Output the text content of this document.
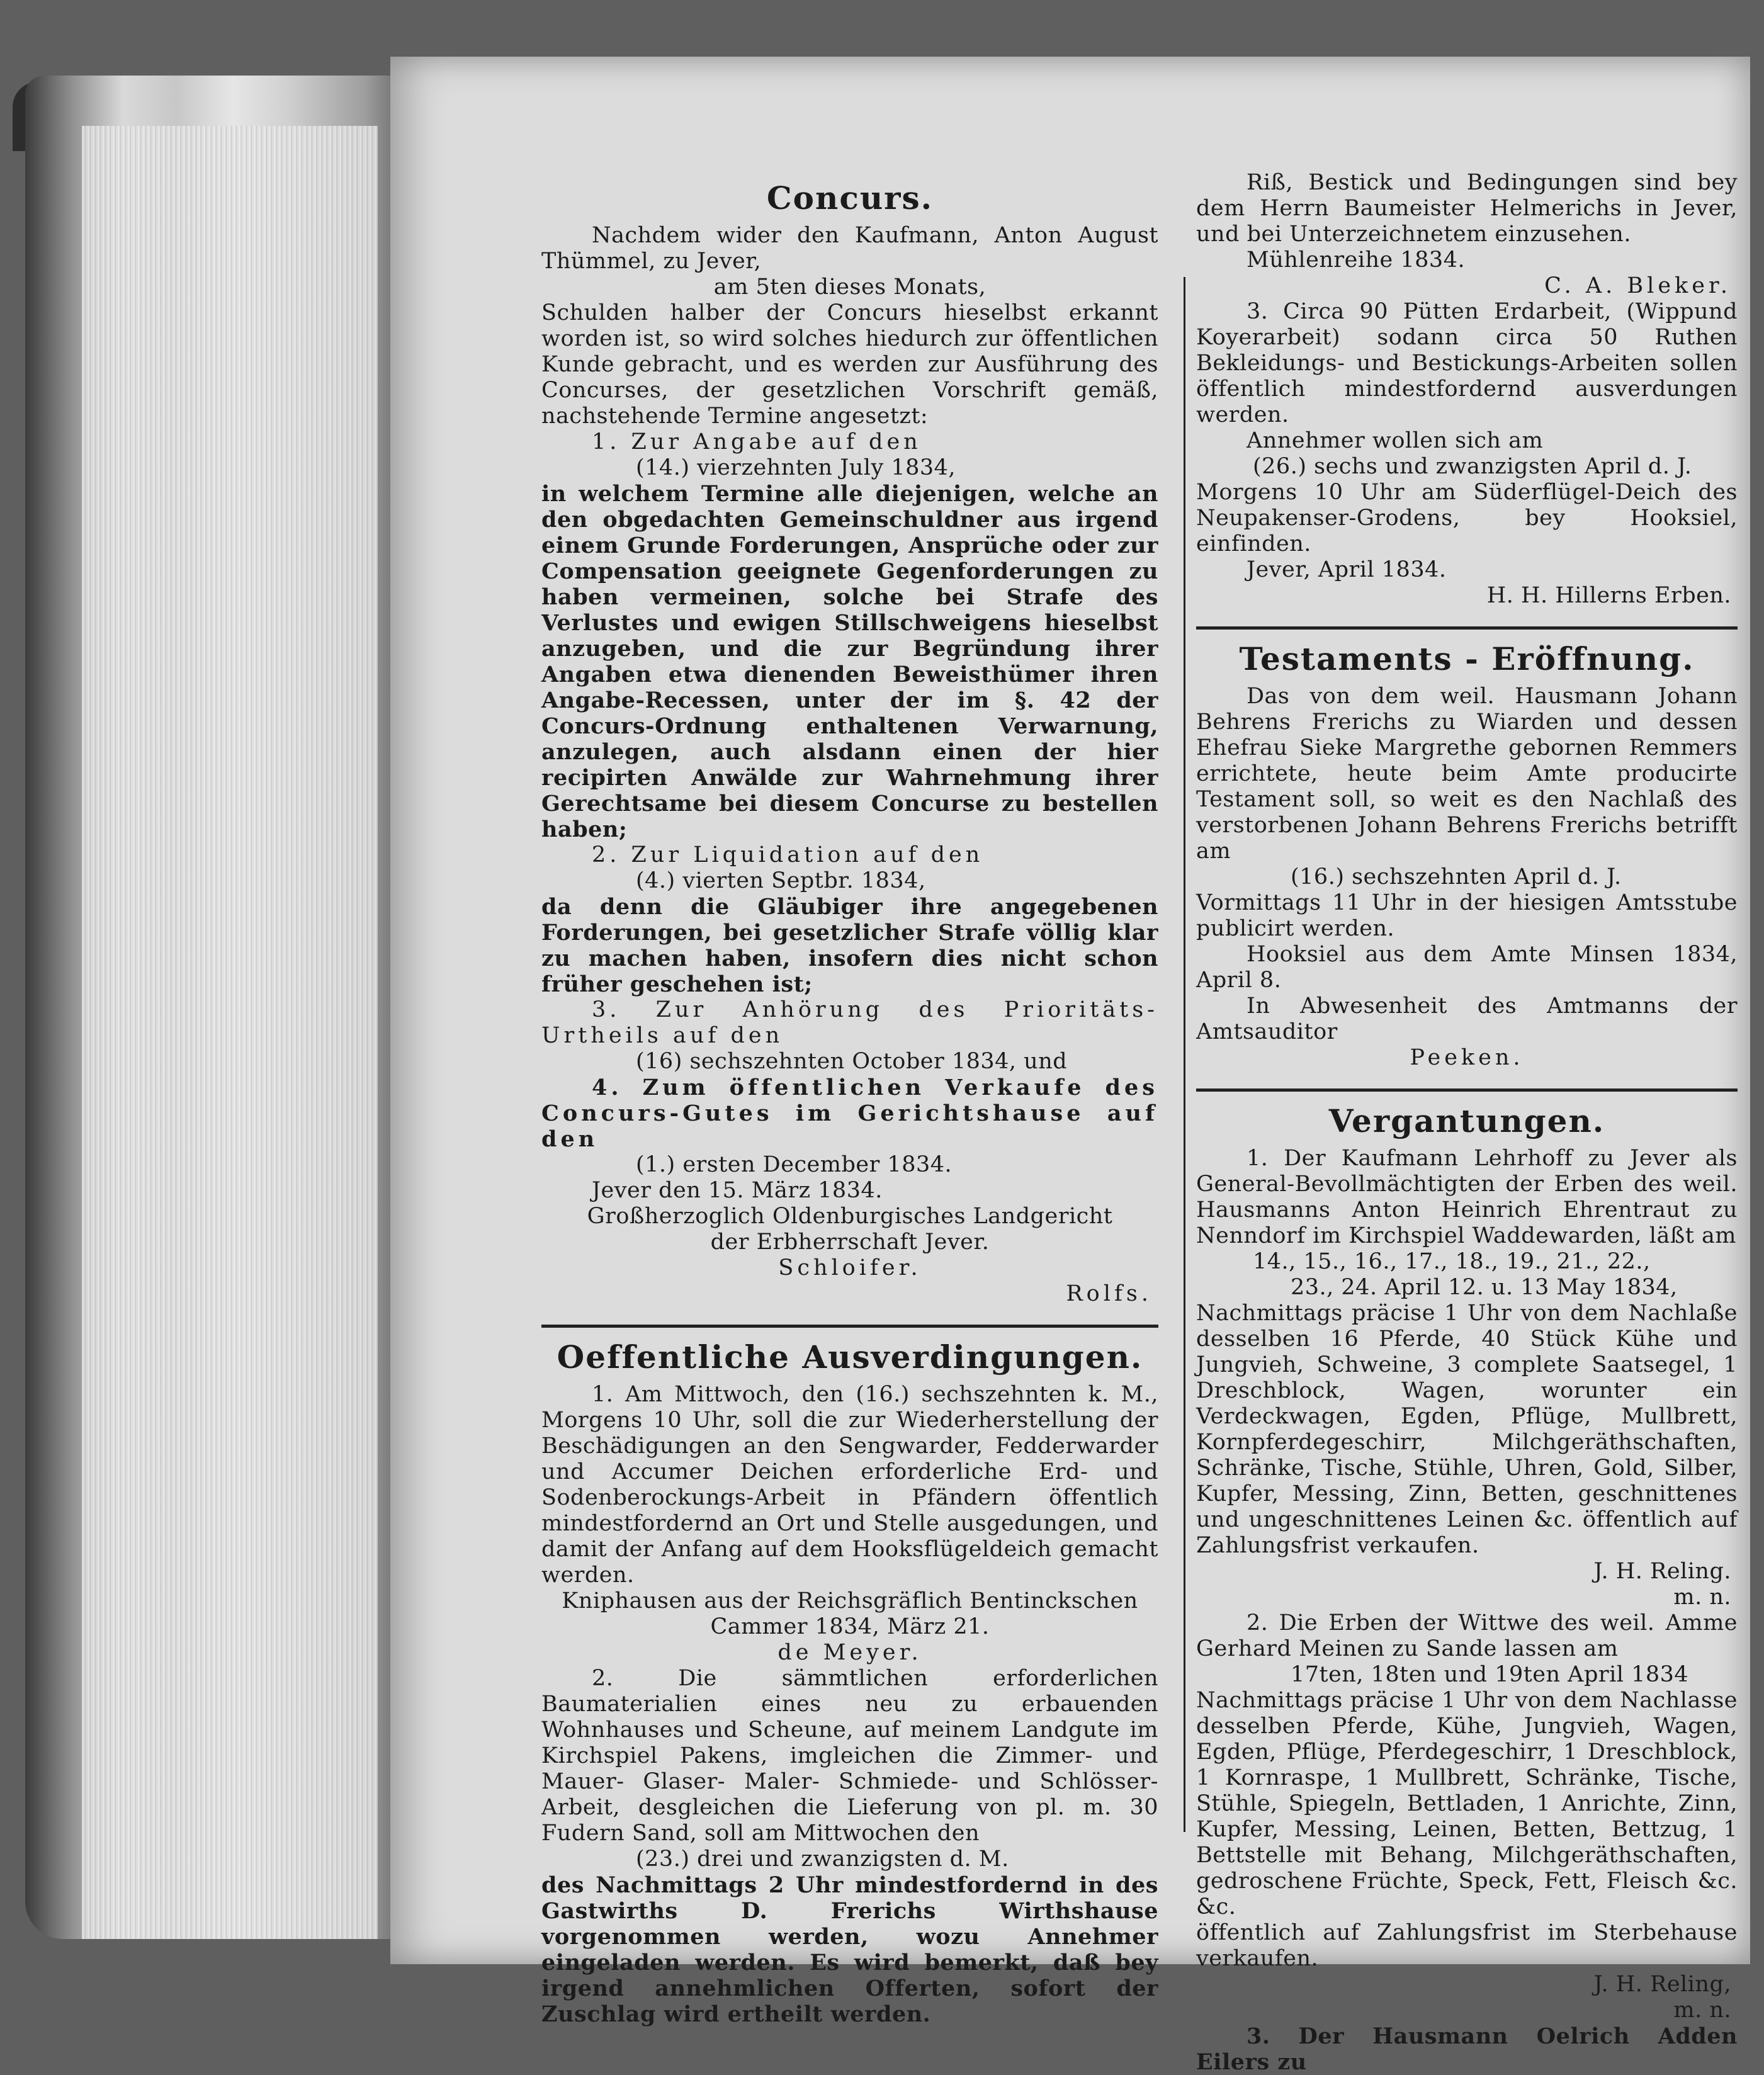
Concurs.

Nachdem wider den Kaufmann, Anton August Thümmel, zu Jever,

am 5ten dieses Monats,

Schulden halber der Concurs hieselbst erkannt worden ist, so wird solches hiedurch zur öffentlichen Kunde gebracht, und es werden zur Ausführung des Concurses, der gesetzlichen Vorschrift gemäß, nachstehende Termine angesetzt:

1. Zur Angabe auf den

(14.) vierzehnten July 1834,

in welchem Termine alle diejenigen, welche an den obgedachten Gemeinschuldner aus irgend einem Grunde Forderungen, Ansprüche oder zur Compensation geeignete Gegenforderungen zu haben vermeinen, solche bei Strafe des Verlustes und ewigen Stillschweigens hieselbst anzugeben, und die zur Begründung ihrer Angaben etwa dienenden Beweisthümer ihren Angabe-Recessen, unter der im §. 42 der Concurs-Ordnung enthaltenen Verwarnung, anzulegen, auch alsdann einen der hier recipirten Anwälde zur Wahrnehmung ihrer Gerechtsame bei diesem Concurse zu bestellen haben;

2. Zur Liquidation auf den

(4.) vierten Septbr. 1834,

da denn die Gläubiger ihre angegebenen Forderungen, bei gesetzlicher Strafe völlig klar zu machen haben, insofern dies nicht schon früher geschehen ist;

3. Zur Anhörung des Prioritäts-Urtheils auf den

(16) sechszehnten October 1834, und

4. Zum öffentlichen Verkaufe des Concurs-Gutes im Gerichtshause auf den

(1.) ersten December 1834.

Jever den 15. März 1834.

Großherzoglich Oldenburgisches Landgericht

der Erbherrschaft Jever.

Schloifer.

Rolfs.

Oeffentliche Ausverdingungen.

1. Am Mittwoch, den (16.) sechszehnten k. M., Morgens 10 Uhr, soll die zur Wiederherstellung der Beschädigungen an den Sengwarder, Fedderwarder und Accumer Deichen erforderliche Erd- und Sodenberockungs-Arbeit in Pfändern öffentlich mindestfordernd an Ort und Stelle ausgedungen, und damit der Anfang auf dem Hooksflügeldeich gemacht werden.

Kniphausen aus der Reichsgräflich Bentinckschen Cammer 1834, März 21.

de Meyer.

2. Die sämmtlichen erforderlichen Baumaterialien eines neu zu erbauenden Wohnhauses und Scheune, auf meinem Landgute im Kirchspiel Pakens, imgleichen die Zimmer- und Mauer- Glaser- Maler- Schmiede- und Schlösser-Arbeit, desgleichen die Lieferung von pl. m. 30 Fudern Sand, soll am Mittwochen den

(23.) drei und zwanzigsten d. M.

des Nachmittags 2 Uhr mindestfordernd in des Gastwirths D. Frerichs Wirthshause vorgenommen werden, wozu Annehmer eingeladen werden. Es wird bemerkt, daß bey irgend annehmlichen Offerten, sofort der Zuschlag wird ertheilt werden.

Riß, Bestick und Bedingungen sind bey dem Herrn Baumeister Helmerichs in Jever, und bei Unterzeichnetem einzusehen.

Mühlenreihe 1834.

C. A. Bleker.

3. Circa 90 Pütten Erdarbeit, (Wippund Koyerarbeit) sodann circa 50 Ruthen Bekleidungs- und Bestickungs-Arbeiten sollen öffentlich mindestfordernd ausverdungen werden.

Annehmer wollen sich am

(26.) sechs und zwanzigsten April d. J.

Morgens 10 Uhr am Süderflügel-Deich des Neupakenser-Grodens, bey Hooksiel, einfinden.

Jever, April 1834.

H. H. Hillerns Erben.

Testaments - Eröffnung.

Das von dem weil. Hausmann Johann Behrens Frerichs zu Wiarden und dessen Ehefrau Sieke Margrethe gebornen Remmers errichtete, heute beim Amte producirte Testament soll, so weit es den Nachlaß des verstorbenen Johann Behrens Frerichs betrifft am

(16.) sechszehnten April d. J.

Vormittags 11 Uhr in der hiesigen Amtsstube publicirt werden.

Hooksiel aus dem Amte Minsen 1834, April 8.

In Abwesenheit des Amtmanns der Amtsauditor

Peeken.

Vergantungen.

1. Der Kaufmann Lehrhoff zu Jever als General-Bevollmächtigten der Erben des weil. Hausmanns Anton Heinrich Ehrentraut zu Nenndorf im Kirchspiel Waddewarden, läßt am

14., 15., 16., 17., 18., 19., 21., 22.,

23., 24. April 12. u. 13 May 1834,

Nachmittags präcise 1 Uhr von dem Nachlaße desselben 16 Pferde, 40 Stück Kühe und Jungvieh, Schweine, 3 complete Saatsegel, 1 Dreschblock, Wagen, worunter ein Verdeckwagen, Egden, Pflüge, Mullbrett, Kornpferdegeschirr, Milchgeräthschaften, Schränke, Tische, Stühle, Uhren, Gold, Silber, Kupfer, Messing, Zinn, Betten, geschnittenes und ungeschnittenes Leinen &c. öffentlich auf Zahlungsfrist verkaufen.

J. H. Reling.

m. n.

2. Die Erben der Wittwe des weil. Amme Gerhard Meinen zu Sande lassen am

17ten, 18ten und 19ten April 1834

Nachmittags präcise 1 Uhr von dem Nachlasse desselben Pferde, Kühe, Jungvieh, Wagen, Egden, Pflüge, Pferdegeschirr, 1 Dreschblock, 1 Kornraspe, 1 Mullbrett, Schränke, Tische, Stühle, Spiegeln, Bettladen, 1 Anrichte, Zinn, Kupfer, Messing, Leinen, Betten, Bettzug, 1 Bettstelle mit Behang, Milchgeräthschaften, gedroschene Früchte, Speck, Fett, Fleisch &c. &c.

öffentlich auf Zahlungsfrist im Sterbehause verkaufen.

J. H. Reling,

m. n.

3. Der Hausmann Oelrich Adden Eilers zu
